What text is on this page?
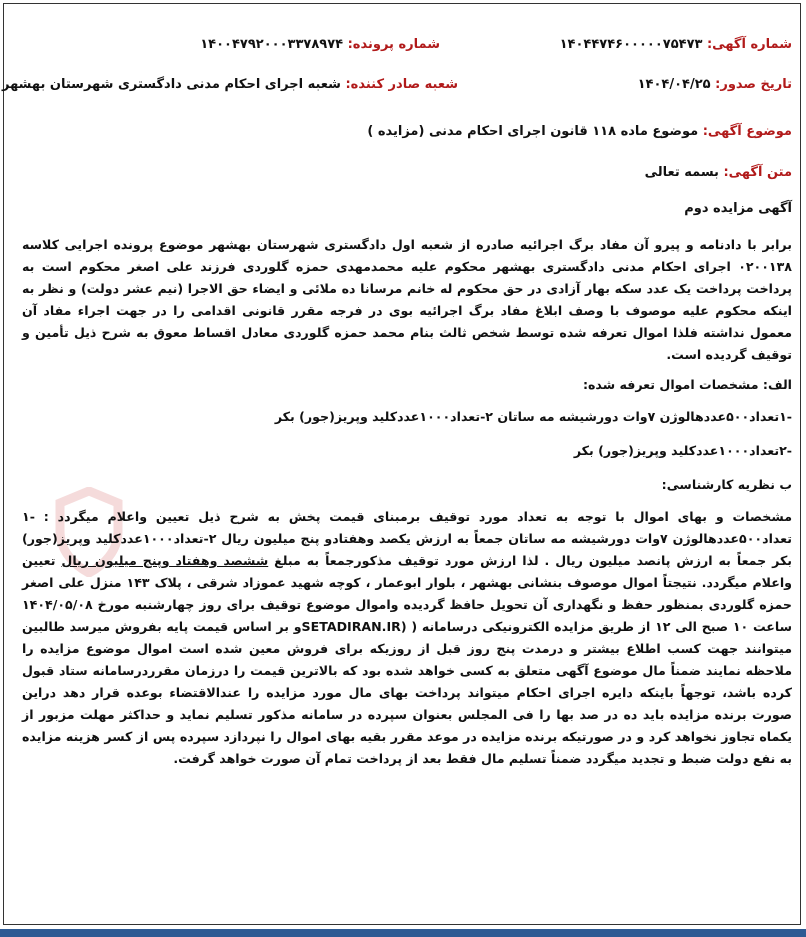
شماره آگهی: ۱۴۰۴۴۷۴۶۰۰۰۰۰۷۵۴۷۳
شماره پرونده: ۱۴۰۰۴۷۹۲۰۰۰۳۳۷۸۹۷۴
تاریخ صدور: ۱۴۰۴/۰۴/۲۵
شعبه صادر کننده: شعبه اجرای احکام مدنی دادگستری شهرستان بهشهر
موضوع آگهی: موضوع ماده ۱۱۸ قانون اجرای احکام مدنی (مزایده )
متن آگهی: بسمه تعالی
آگهی مزایده دوم

برابر با دادنامه و پیرو آن مفاد برگ اجرائیه صادره از شعبه اول دادگستری شهرستان بهشهر موضوع پرونده اجرایی کلاسه ۰۲۰۰۱۳۸ اجرای احکام مدنی دادگستری بهشهر محکوم علیه محمدمهدی حمزه گلوردی فرزند علی اصغر محکوم است به پرداخت پرداخت یک عدد سکه بهار آزادی در حق محکوم له خانم مرسانا ده ملائی و ایضاء حق الاجرا (نیم عشر دولت) و نظر به اینکه محکوم علیه موصوف با وصف ابلاغ مفاد برگ اجرائیه بوی در فرجه مقرر قانونی اقدامی را در جهت اجراء مفاد آن معمول نداشته فلذا اموال تعرفه شده توسط شخص ثالث بنام محمد حمزه گلوردی معادل اقساط معوق به شرح ذیل تأمین و توقیف گردیده است.

الف: مشخصات اموال تعرفه شده:

-۱تعداد۵۰۰عددهالوژن ۷وات دورشیشه مه ساتان ۲-تعداد۱۰۰۰عددکلید وپریز(جور) بکر

-۲تعداد۱۰۰۰عددکلید وپریز(جور) بکر

ب نظریه کارشناسی:

مشخصات و بهای اموال با توجه به تعداد مورد توقیف برمبنای قیمت پخش به شرح ذیل تعیین واعلام میگردد : -۱ تعداد۵۰۰عددهالوژن ۷وات دورشیشه مه ساتان جمعاً به ارزش یکصد وهفتادو پنج میلیون ریال ۲-تعداد۱۰۰۰عددکلید وپریز(جور) بکر جمعاً به ارزش پانصد میلیون ریال . لذا ارزش مورد توقیف مذکورجمعاً به مبلغ ششصد وهفتاد وپنج میلیون ریال تعیین واعلام میگردد. نتیجتاً اموال موصوف بنشانی بهشهر ، بلوار ابوعمار ، کوچه شهید عموزاد شرقی ، پلاک ۱۴۳ منزل علی اصغر حمزه گلوردی بمنظور حفظ و نگهداری آن تحویل حافظ گردیده واموال موضوع توقیف برای روز چهارشنبه مورخ ۱۴۰۴/۰۵/۰۸ ساعت ۱۰ صبح الی ۱۲ از طریق مزایده الکترونیکی درسامانه ( (SETADIRAN.IRو بر اساس قیمت پایه بفروش میرسد طالبین میتوانند جهت کسب اطلاع بیشتر و درمدت پنج روز قبل از روزیکه برای فروش معین شده است اموال موضوع مزایده را ملاحظه نمایند ضمناً مال موضوع آگهی متعلق به کسی خواهد شده بود که بالاترین قیمت را درزمان مقرردرسامانه ستاد قبول کرده باشد، توجهاً باینکه دایره اجرای احکام میتواند پرداخت بهای مال مورد مزایده را عندالاقتضاء بوعده قرار دهد دراین صورت برنده مزایده باید ده در صد بها را فی المجلس بعنوان سپرده در سامانه مذکور تسلیم نماید و حداکثر مهلت مزبور از یکماه تجاوز نخواهد کرد و در صورتیکه برنده مزایده در موعد مقرر بقیه بهای اموال را نپردازد سپرده پس از کسر هزینه مزایده به نفع دولت ضبط و تجدید میگردد ضمناً تسلیم مال فقط بعد از پرداخت تمام آن صورت خواهد گرفت.
